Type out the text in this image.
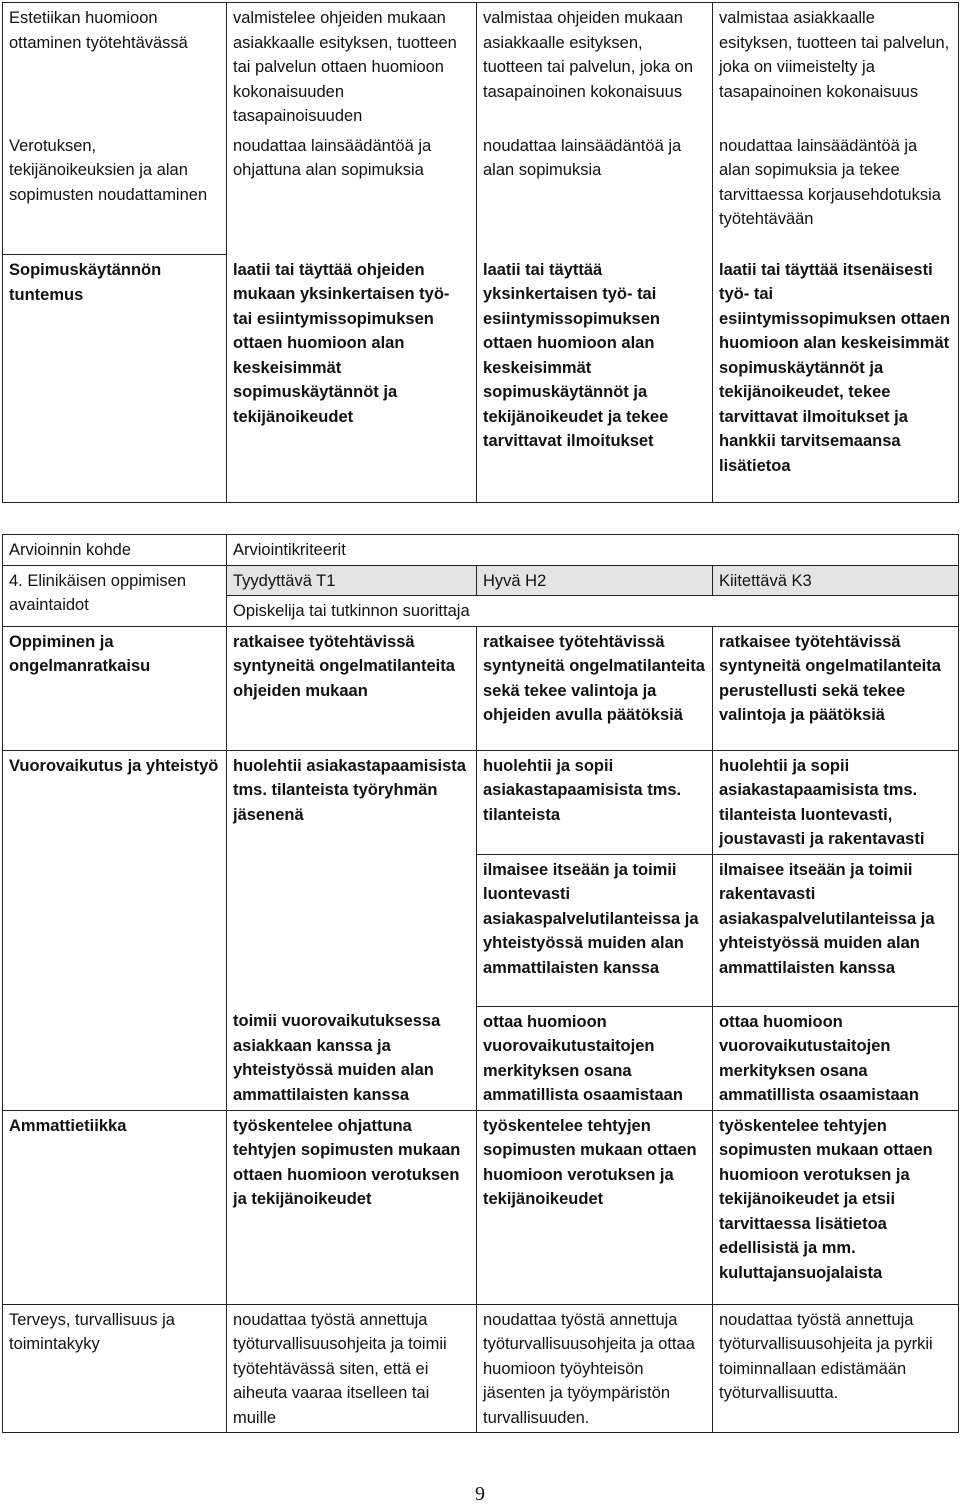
Estetiikan huomioon ottaminen työtehtävässä	valmistelee ohjeiden mukaan asiakkaalle esityksen, tuotteen tai palvelun ottaen huomioon kokonaisuuden tasapainoisuuden	valmistaa ohjeiden mukaan asiakkaalle esityksen, tuotteen tai palvelun, joka on tasapainoinen kokonaisuus	valmistaa asiakkaalle esityksen, tuotteen tai palvelun, joka on viimeistelty ja tasapainoinen kokonaisuus
Verotuksen, tekijänoikeuksien ja alan sopimusten noudattaminen	noudattaa lainsäädäntöä ja ohjattuna alan sopimuksia	noudattaa lainsäädäntöä ja alan sopimuksia	noudattaa lainsäädäntöä ja alan sopimuksia ja tekee tarvittaessa korjausehdotuksia työtehtävään
Sopimuskäytännön tuntemus	laatii tai täyttää ohjeiden mukaan yksinkertaisen työ- tai esiintymissopimuksen ottaen huomioon alan keskeisimmät sopimuskäytännöt ja tekijänoikeudet	laatii tai täyttää yksinkertaisen työ- tai esiintymissopimuksen ottaen huomioon alan keskeisimmät sopimuskäytännöt ja tekijänoikeudet ja tekee tarvittavat ilmoitukset	laatii tai täyttää itsenäisesti työ- tai esiintymissopimuksen ottaen huomioon alan keskeisimmät sopimuskäytännöt ja tekijänoikeudet, tekee tarvittavat ilmoitukset ja hankkii tarvitsemaansa lisätietoa
Arvioinnin kohde	Arviointikriteerit		
4. Elinikäisen oppimisen avaintaidot	Tyydyttävä T1	Hyvä H2	Kiitettävä K3
	Opiskelija tai tutkinnon suorittaja		
Oppiminen ja ongelmanratkaisu	ratkaisee työtehtävissä syntyneitä ongelmatilanteita ohjeiden mukaan	ratkaisee työtehtävissä syntyneitä ongelmatilanteita sekä tekee valintoja ja ohjeiden avulla päätöksiä	ratkaisee työtehtävissä syntyneitä ongelmatilanteita perustellusti sekä tekee valintoja ja päätöksiä
Vuorovaikutus ja yhteistyö	huolehtii asiakastapaamisista tms. tilanteista työryhmän jäsenenä	huolehtii ja sopii asiakastapaamisista tms. tilanteista	huolehtii ja sopii asiakastapaamisista tms. tilanteista luontevasti, joustavasti ja rakentavasti
		ilmaisee itseään ja toimii luontevasti asiakaspalvelutilanteissa ja yhteistyössä muiden alan ammattilaisten kanssa	ilmaisee itseään ja toimii rakentavasti asiakaspalvelutilanteissa ja yhteistyössä muiden alan ammattilaisten kanssa
	toimii vuorovaikutuksessa asiakkaan kanssa ja yhteistyössä muiden alan ammattilaisten kanssa	ottaa huomioon vuorovaikutustaitojen merkityksen osana ammatillista osaamistaan	ottaa huomioon vuorovaikutustaitojen merkityksen osana ammatillista osaamistaan
Ammattietiikka	työskentelee ohjattuna tehtyjen sopimusten mukaan ottaen huomioon verotuksen ja tekijänoikeudet	työskentelee tehtyjen sopimusten mukaan ottaen huomioon verotuksen ja tekijänoikeudet	työskentelee tehtyjen sopimusten mukaan ottaen huomioon verotuksen ja tekijänoikeudet ja etsii tarvittaessa lisätietoa edellisistä ja mm. kuluttajansuojalaista
Terveys, turvallisuus ja toimintakyky	noudattaa työstä annettuja työturvallisuusohjeita ja toimii työtehtävässä siten, että ei aiheuta vaaraa itselleen tai muille	noudattaa työstä annettuja työturvallisuusohjeita ja ottaa huomioon työyhteisön jäsenten ja työympäristön turvallisuuden.	noudattaa työstä annettuja työturvallisuusohjeita ja pyrkii toiminnallaan edistämään työturvallisuutta.
9
